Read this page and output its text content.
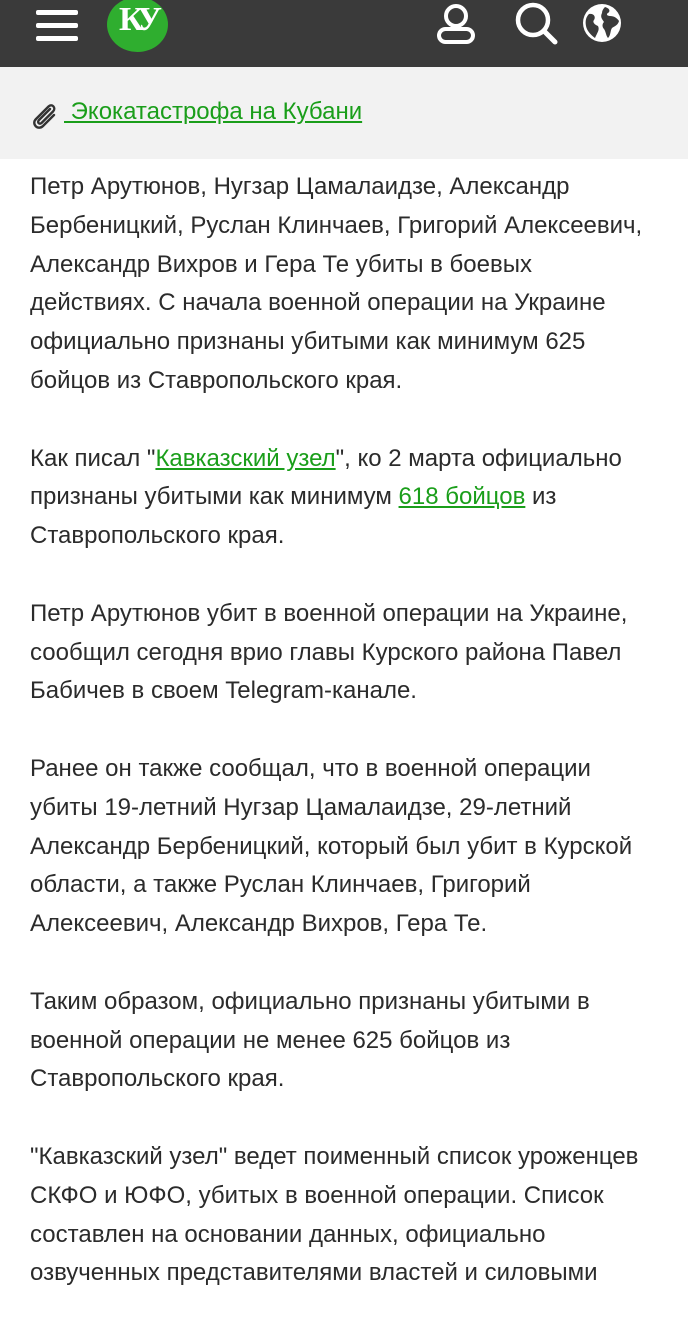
КУ
Экокатастрофа на Кубани

Петр Арутюнов, Нугзар Цамалаидзе, Александр Бербеницкий, Руслан Клинчаев, Григорий Алексеевич, Александр Вихров и Гера Те убиты в боевых действиях. С начала военной операции на Украине официально признаны убитыми как минимум 625 бойцов из Ставропольского края.

Как писал "Кавказский узел", ко 2 марта официально признаны убитыми как минимум 618 бойцов из Ставропольского края.

Петр Арутюнов убит в военной операции на Украине, сообщил сегодня врио главы Курского района Павел Бабичев в своем Telegram-канале.

Ранее он также сообщал, что в военной операции убиты 19-летний Нугзар Цамалаидзе, 29-летний Александр Бербеницкий, который был убит в Курской области, а также Руслан Клинчаев, Григорий Алексеевич, Александр Вихров, Гера Те.

Таким образом, официально признаны убитыми в военной операции не менее 625 бойцов из Ставропольского края.

"Кавказский узел" ведет поименный список уроженцев СКФО и ЮФО, убитых в военной операции. Список составлен на основании данных, официально озвученных представителями властей и силовыми
